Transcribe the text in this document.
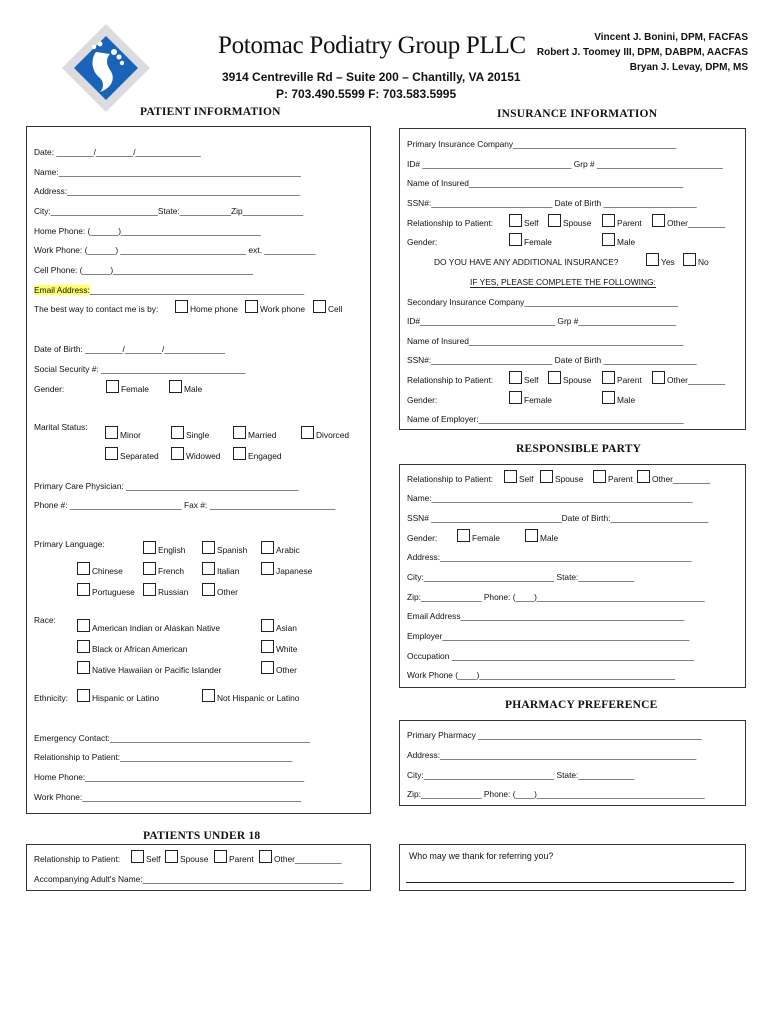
Potomac Podiatry Group PLLC
3914 Centreville Rd – Suite 200 – Chantilly, VA 20151
P: 703.490.5599 F: 703.583.5995
Vincent J. Bonini, DPM, FACFAS
Robert J. Toomey III, DPM, DABPM, AACFAS
Bryan J. Levay, DPM, MS
PATIENT INFORMATION
Date: ________/________/______________
Name:____________________________________________________
Address:__________________________________________________
City:_______________________State:___________Zip_____________
Home Phone: (______)______________________________
Work Phone: (______) ___________________________ ext. ___________
Cell Phone: (______)______________________________
Email Address:______________________________________________
The best way to contact me is by:	Home phone	Work phone	Cell
Date of Birth: ________/________/_____________
Social Security #: _______________________________
Gender:	Female	Male
Marital Status:
Minor	Single	Married	Divorced
Separated	Widowed	Engaged
Primary Care Physician: _____________________________________
Phone #: ________________________ Fax #: ___________________________
Primary Language:
English	Spanish	Arabic
Chinese	French	Italian	Japanese
Portuguese	Russian	Other
Race:
American Indian or Alaskan Native	Asian
Black or African American	White
Native Hawaiian or Pacific Islander	Other
Ethnicity:	Hispanic or Latino	Not Hispanic or Latino
Emergency Contact:___________________________________________
Relationship to Patient:_____________________________________
Home Phone:_______________________________________________
Work Phone:_______________________________________________
INSURANCE INFORMATION
Primary Insurance Company___________________________________
ID# ________________________________ Grp # ___________________________
Name of Insured______________________________________________
SSN#:__________________________ Date of Birth ____________________
Relationship to Patient:	Self	Spouse	Parent	Other________
Gender:	Female	Male
DO YOU HAVE ANY ADDITIONAL INSURANCE?	Yes	No
IF YES, PLEASE COMPLETE THE FOLLOWING:
Secondary Insurance Company_________________________________
ID#_____________________________ Grp #_____________________
Name of Insured______________________________________________
SSN#:__________________________ Date of Birth ____________________
Relationship to Patient:	Self	Spouse	Parent	Other________
Gender:	Female	Male
Name of Employer:____________________________________________
RESPONSIBLE PARTY
Relationship to Patient:	Self	Spouse	Parent Other________
Name:________________________________________________________
SSN# ____________________________Date of Birth:_____________________
Gender:	Female	Male
Address:______________________________________________________
City:____________________________ State:____________
Zip:_____________ Phone: (____)____________________________________
Email Address________________________________________________
Employer_____________________________________________________
Occupation ____________________________________________________
Work Phone (____)__________________________________________
PHARMACY PREFERENCE
Primary Pharmacy ________________________________________________
Address:_______________________________________________________
City:____________________________ State:____________
Zip:_____________ Phone: (____)____________________________________
PATIENTS UNDER 18
Relationship to Patient:	Self Spouse Parent Other__________
Accompanying Adult's Name:___________________________________________
Who may we thank for referring you?
